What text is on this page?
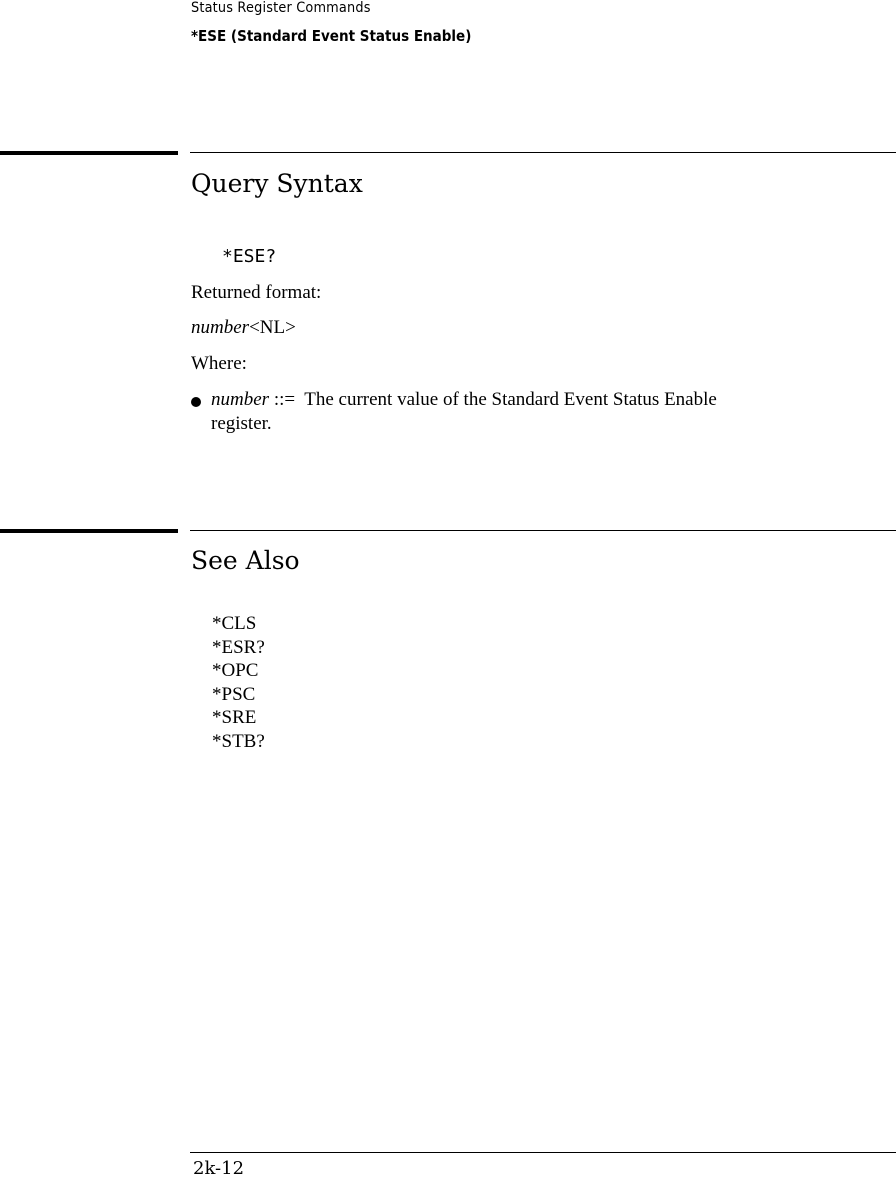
Status Register Commands
*ESE (Standard Event Status Enable)
Query Syntax
*ESE?
Returned format:
number<NL>
Where:
number ::=  The current value of the Standard Event Status Enable
register.
See Also
*CLS
*ESR?
*OPC
*PSC
*SRE
*STB?
2k-12
